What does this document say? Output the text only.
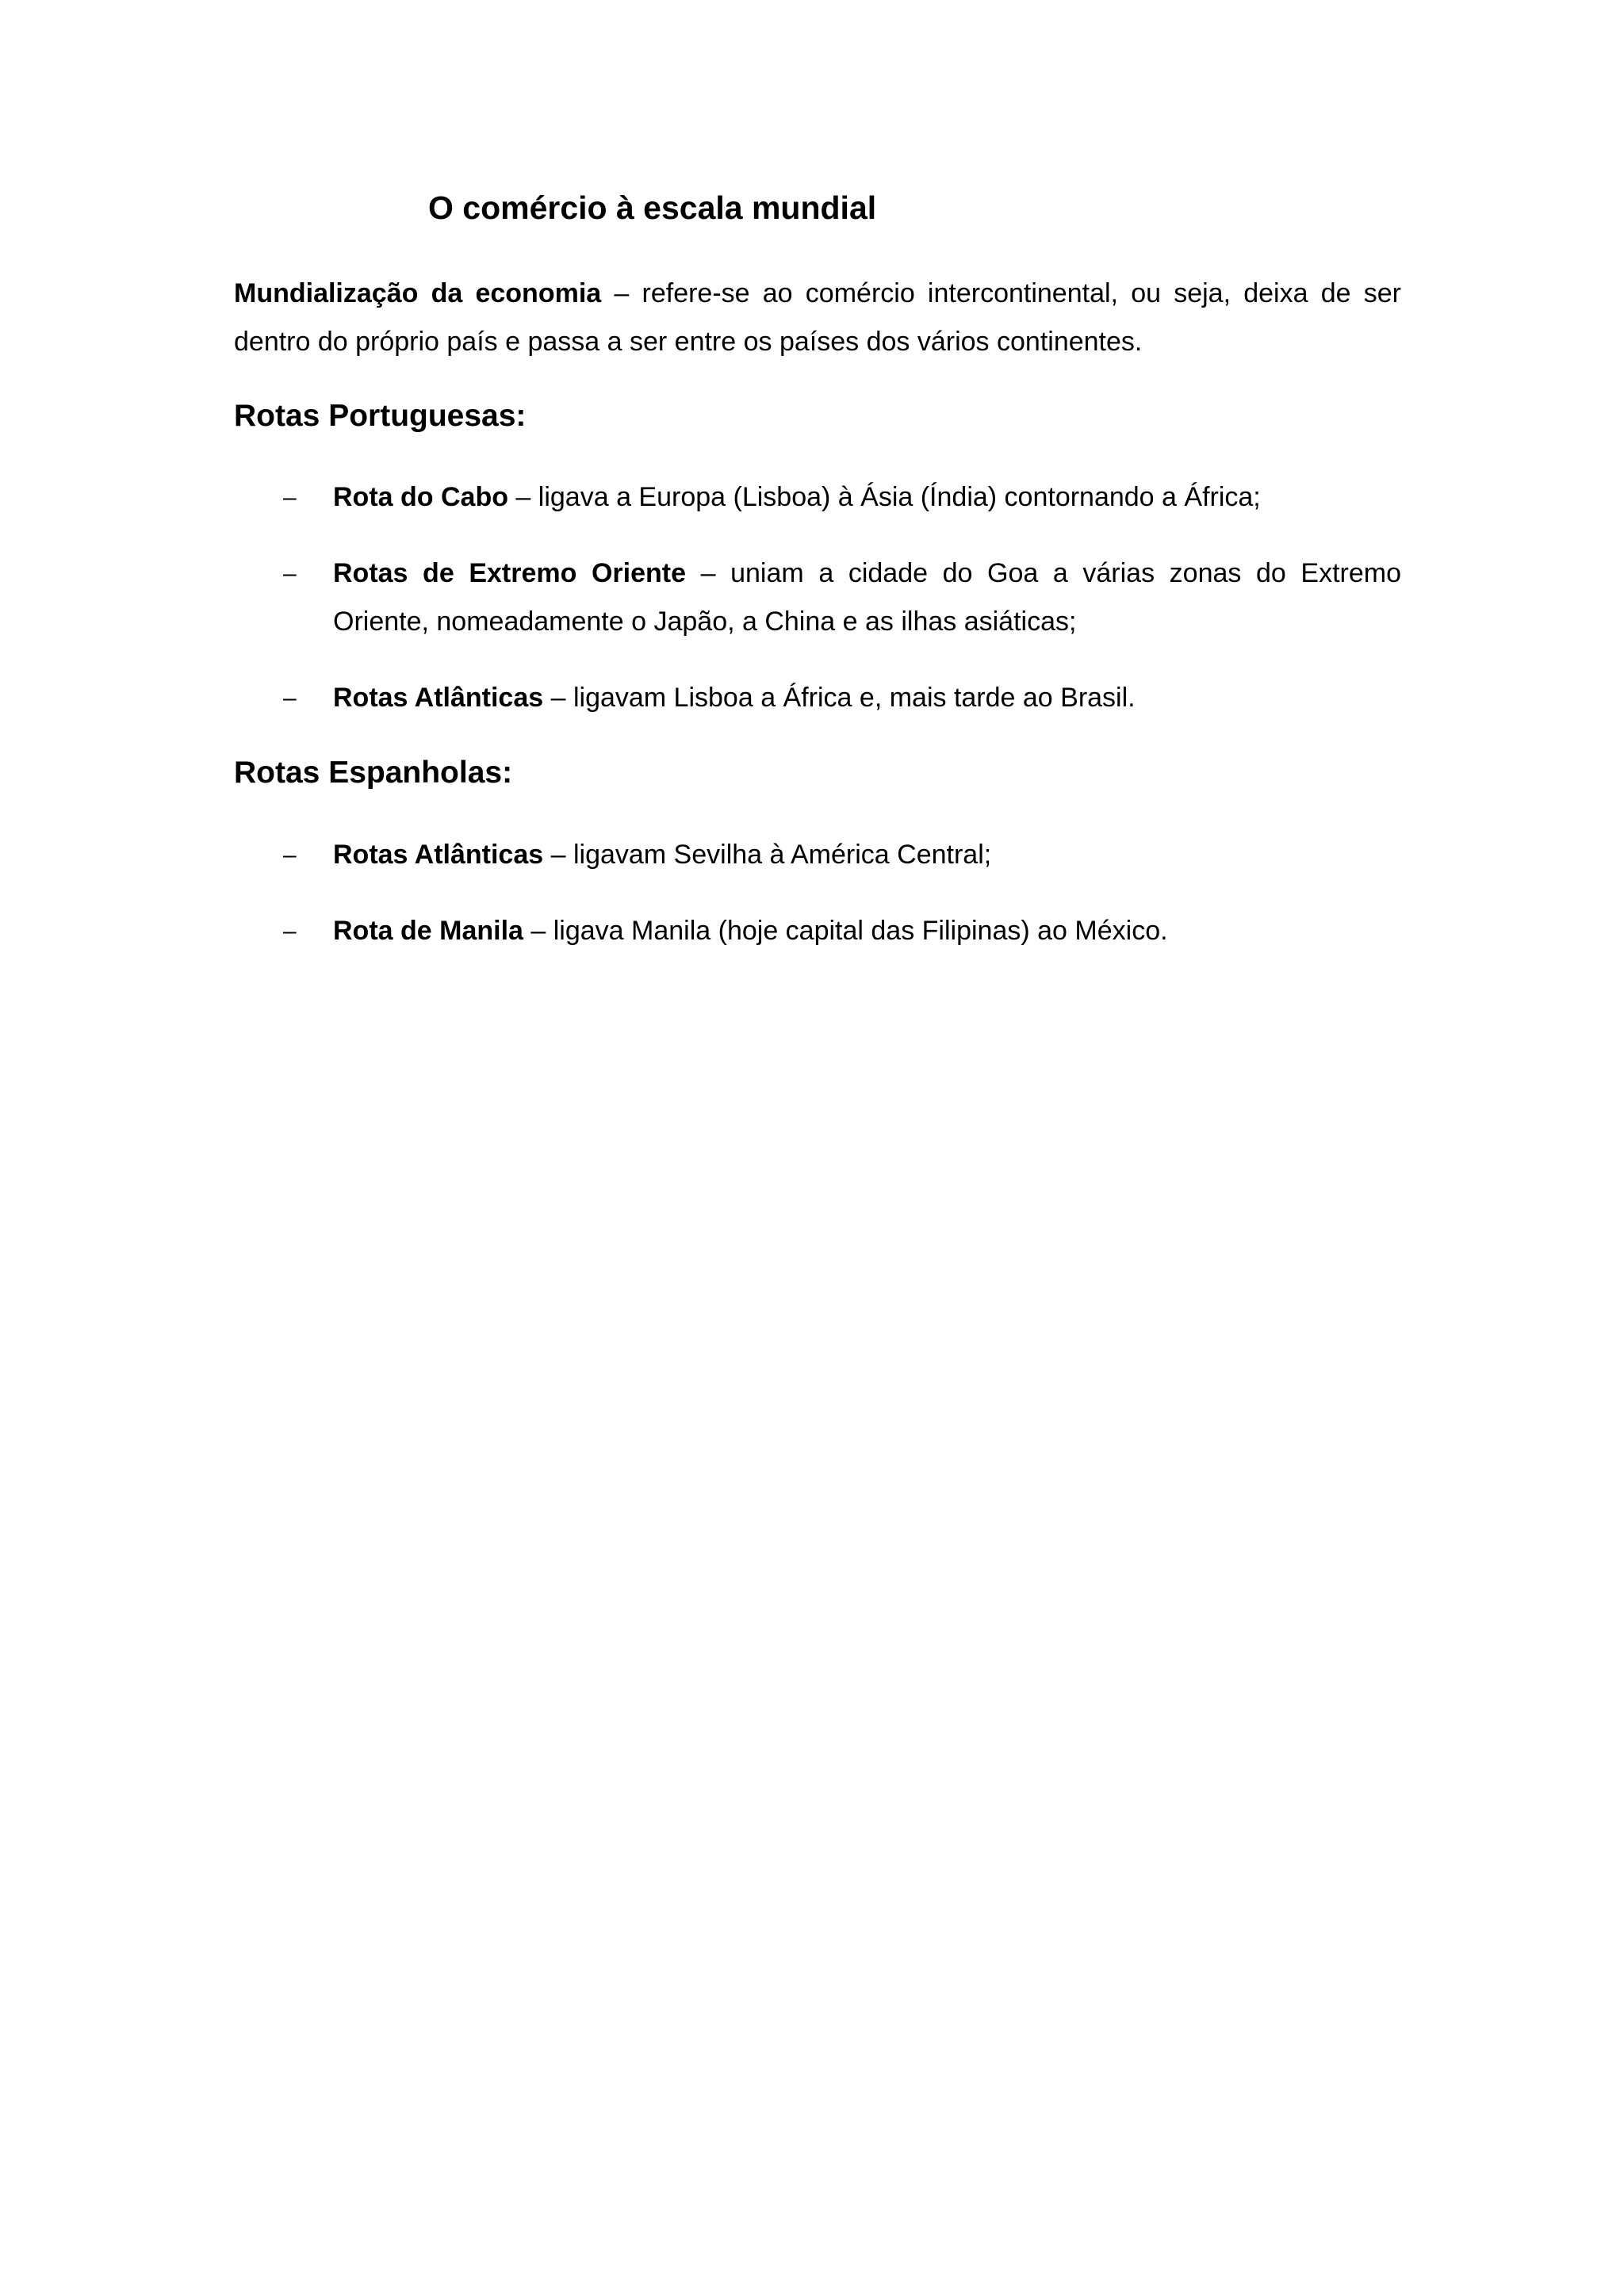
O comércio à escala mundial

Mundialização da economia – refere-se ao comércio intercontinental, ou seja, deixa de ser dentro do próprio país e passa a ser entre os países dos vários continentes.

Rotas Portuguesas:
– Rota do Cabo – ligava a Europa (Lisboa) à Ásia (Índia) contornando a África;
– Rotas de Extremo Oriente – uniam a cidade do Goa a várias zonas do Extremo Oriente, nomeadamente o Japão, a China e as ilhas asiáticas;
– Rotas Atlânticas – ligavam Lisboa a África e, mais tarde ao Brasil.
Rotas Espanholas:
– Rotas Atlânticas – ligavam Sevilha à América Central;
– Rota de Manila – ligava Manila (hoje capital das Filipinas) ao México.
